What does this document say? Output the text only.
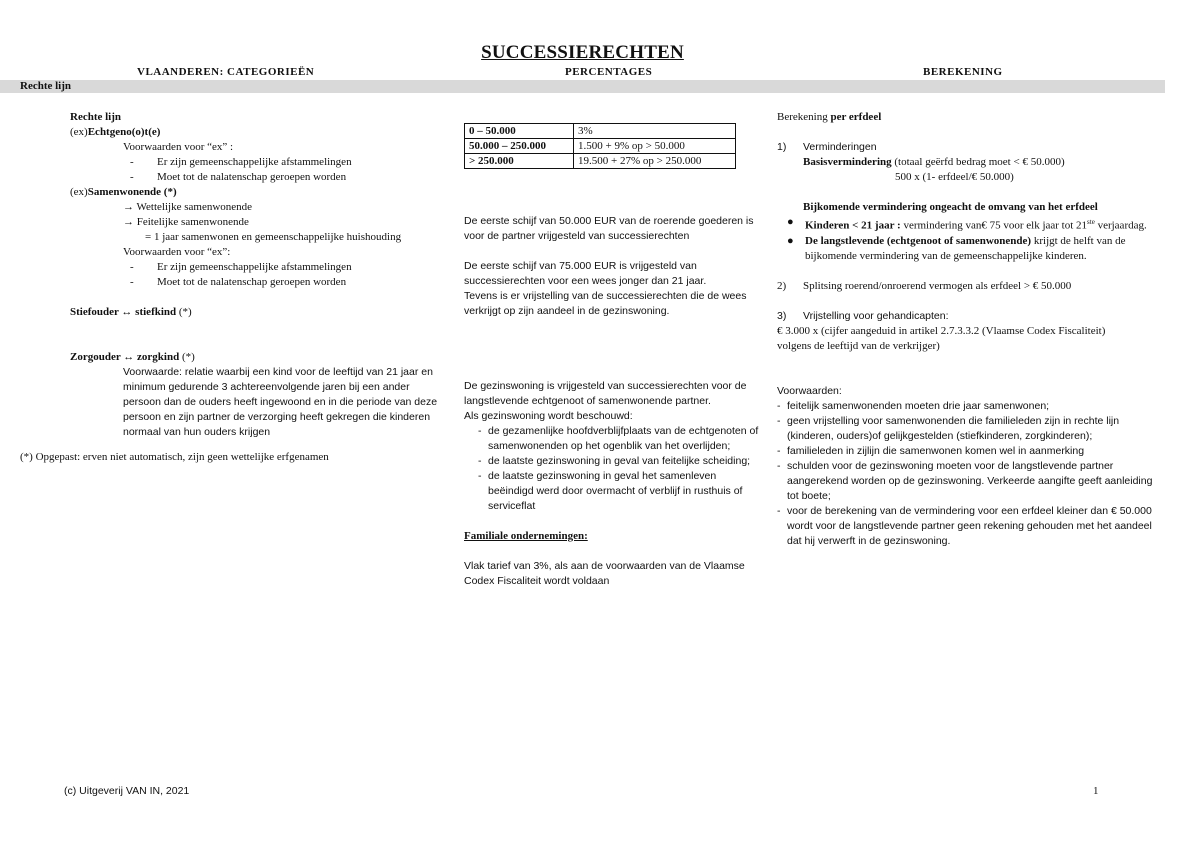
SUCCESSIERECHTEN
VLAANDEREN: CATEGORIEËN	PERCENTAGES	BEREKENING
Rechte lijn

Rechte lijn

(ex)Echtgeno(o)t(e)

Voorwaarden voor “ex” :

- Er zijn gemeenschappelijke afstammelingen

- Moet tot de nalatenschap geroepen worden

(ex)Samenwonende (*)

→ Wettelijke samenwonende

→ Feitelijke samenwonende

= 1 jaar samenwonen en gemeenschappelijke huishouding

Voorwaarden voor “ex”:

- Er zijn gemeenschappelijke afstammelingen

- Moet tot de nalatenschap geroepen worden

Stiefouder ↔ stiefkind (*)

Zorgouder ↔ zorgkind (*)

Voorwaarde: relatie waarbij een kind voor de leeftijd van 21 jaar en minimum gedurende 3 achtereenvolgende jaren bij een ander persoon dan de ouders heeft ingewoond en in die periode van deze persoon en zijn partner de verzorging heeft gekregen die kinderen normaal van hun ouders krijgen

(*) Opgepast: erven niet automatisch, zijn geen wettelijke erfgenamen
0 – 50.000	3%
50.000 – 250.000	1.500 + 9% op > 50.000
> 250.000	19.500 + 27% op > 250.000

De eerste schijf van 50.000 EUR van de roerende goederen is voor de partner vrijgesteld van successierechten

De eerste schijf van 75.000 EUR is vrijgesteld van successierechten voor een wees jonger dan 21 jaar.

Tevens is er vrijstelling van de successierechten die de wees verkrijgt op zijn aandeel in de gezinswoning.

De gezinswoning is vrijgesteld van successierechten voor de langstlevende echtgenoot of samenwonende partner.

Als gezinswoning wordt beschouwd:

- de gezamenlijke hoofdverblijfplaats van de echtgenoten of samenwonenden op het ogenblik van het overlijden;

- de laatste gezinswoning in geval van feitelijke scheiding;

- de laatste gezinswoning in geval het samenleven beëindigd werd door overmacht of verblijf in rusthuis of serviceflat

Familiale ondernemingen:

Vlak tarief van 3%, als aan de voorwaarden van de Vlaamse Codex Fiscaliteit wordt voldaan

Berekening per erfdeel

1) Verminderingen

Basisvermindering (totaal geërfd bedrag moet < € 50.000)

500 x (1- erfdeel/€ 50.000)

Bijkomende vermindering ongeacht de omvang van het erfdeel

● Kinderen < 21 jaar : vermindering van€ 75 voor elk jaar tot 21ste verjaardag.

● De langstlevende (echtgenoot of samenwonende) krijgt de helft van de bijkomende vermindering van de gemeenschappelijke kinderen.

2) Splitsing roerend/onroerend vermogen als erfdeel > € 50.000

3) Vrijstelling voor gehandicapten:

€ 3.000 x (cijfer aangeduid in artikel 2.7.3.3.2 (Vlaamse Codex Fiscaliteit) volgens de leeftijd van de verkrijger)

Voorwaarden:

- feitelijk samenwonenden moeten drie jaar samenwonen;

- geen vrijstelling voor samenwonenden die familieleden zijn in rechte lijn (kinderen, ouders)of gelijkgestelden (stiefkinderen, zorgkinderen);

- familieleden in zijlijn die samenwonen komen wel in aanmerking

- schulden voor de gezinswoning moeten voor de langstlevende partner aangerekend worden op de gezinswoning. Verkeerde aangifte geeft aanleiding tot boete;

- voor de berekening van de vermindering voor een erfdeel kleiner dan € 50.000 wordt voor de langstlevende partner geen rekening gehouden met het aandeel dat hij verwerft in de gezinswoning.

(c) Uitgeverij VAN IN, 2021	1
